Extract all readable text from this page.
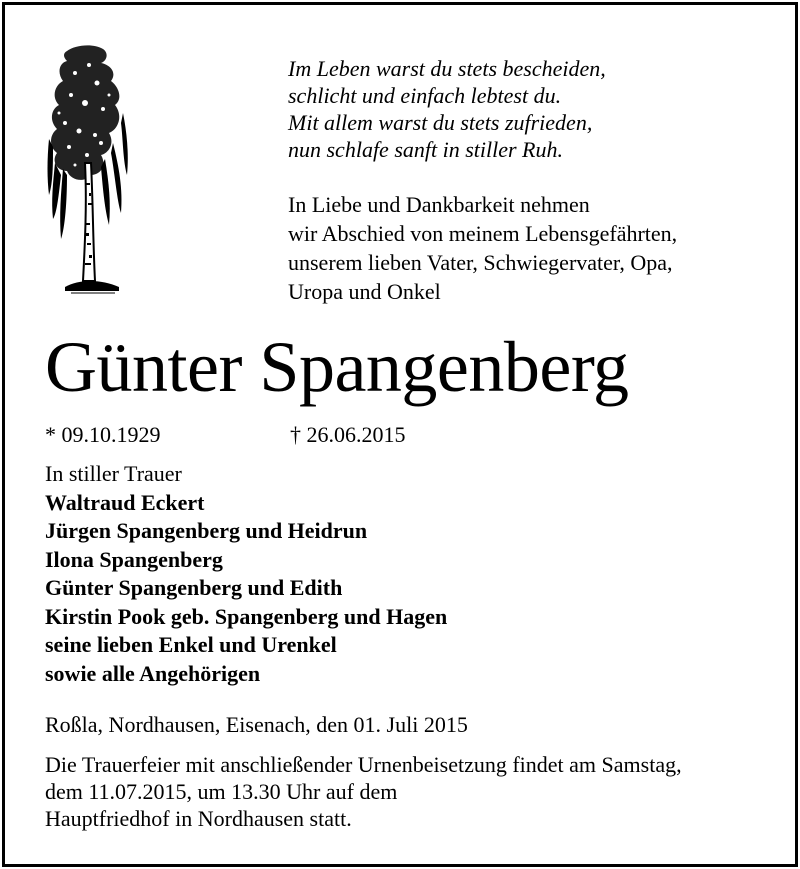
Im Leben warst du stets bescheiden,
schlicht und einfach lebtest du.
Mit allem warst du stets zufrieden,
nun schlafe sanft in stiller Ruh.
In Liebe und Dankbarkeit nehmen
wir Abschied von meinem Lebensgefährten,
unserem lieben Vater, Schwiegervater, Opa,
Uropa und Onkel
Günter Spangenberg
* 09.10.1929	† 26.06.2015
In stiller Trauer
Waltraud Eckert
Jürgen Spangenberg und Heidrun
Ilona Spangenberg
Günter Spangenberg und Edith
Kirstin Pook geb. Spangenberg und Hagen
seine lieben Enkel und Urenkel
sowie alle Angehörigen
Roßla, Nordhausen, Eisenach, den 01. Juli 2015
Die Trauerfeier mit anschließender Urnenbeisetzung findet am Samstag,
dem 11.07.2015, um 13.30 Uhr auf dem
Hauptfriedhof in Nordhausen statt.
